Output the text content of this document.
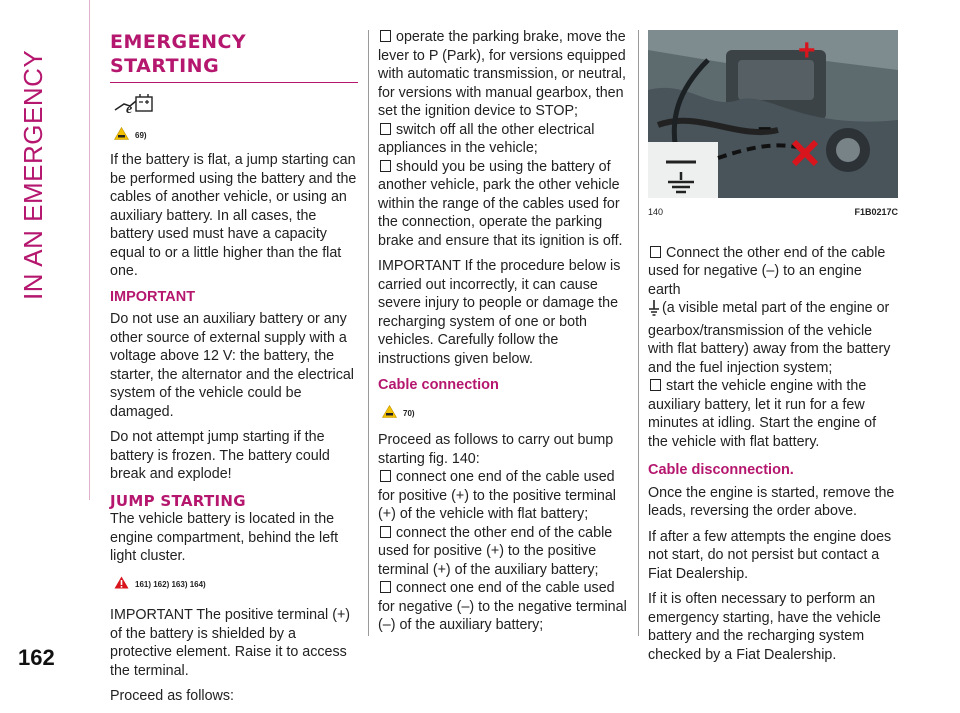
IN AN EMERGENCY
162
EMERGENCY
STARTING
e
69)

If the battery is flat, a jump starting can be performed using the battery and the cables of another vehicle, or using an auxiliary battery. In all cases, the battery used must have a capacity equal to or a little higher than the flat one.

IMPORTANT

Do not use an auxiliary battery or any other source of external supply with a voltage above 12 V: the battery, the starter, the alternator and the electrical system of the vehicle could be damaged.

Do not attempt jump starting if the battery is frozen. The battery could break and explode!

JUMP STARTING

The vehicle battery is located in the engine compartment, behind the left light cluster.

161) 162) 163) 164)

IMPORTANT The positive terminal (+) of the battery is shielded by a protective element. Raise it to access the terminal.

Proceed as follows:

operate the parking brake, move the lever to P (Park), for versions equipped with automatic transmission, or neutral, for versions with manual gearbox, then set the ignition device to STOP;
switch off all the other electrical appliances in the vehicle;
should you be using the battery of another vehicle, park the other vehicle within the range of the cables used for the connection, operate the parking brake and ensure that its ignition is off.

IMPORTANT If the procedure below is carried out incorrectly, it can cause severe injury to people or damage the recharging system of one or both vehicles. Carefully follow the instructions given below.

Cable connection
70)
Proceed as follows to carry out bump starting fig. 140:
connect one end of the cable used for positive (+) to the positive terminal (+) of the vehicle with flat battery;
connect the other end of the cable used for positive (+) to the positive terminal (+) of the auxiliary battery;
connect one end of the cable used for negative (–) to the negative terminal (–) of the auxiliary battery;
+
–
140	F1B0217C
Connect the other end of the cable used for negative (–) to an engine earth
(a visible metal part of the engine or gearbox/transmission of the vehicle with flat battery) away from the battery and the fuel injection system;
start the vehicle engine with the auxiliary battery, let it run for a few minutes at idling. Start the engine of the vehicle with flat battery.
Cable disconnection.

Once the engine is started, remove the leads, reversing the order above.

If after a few attempts the engine does not start, do not persist but contact a Fiat Dealership.

If it is often necessary to perform an emergency starting, have the vehicle battery and the recharging system checked by a Fiat Dealership.
